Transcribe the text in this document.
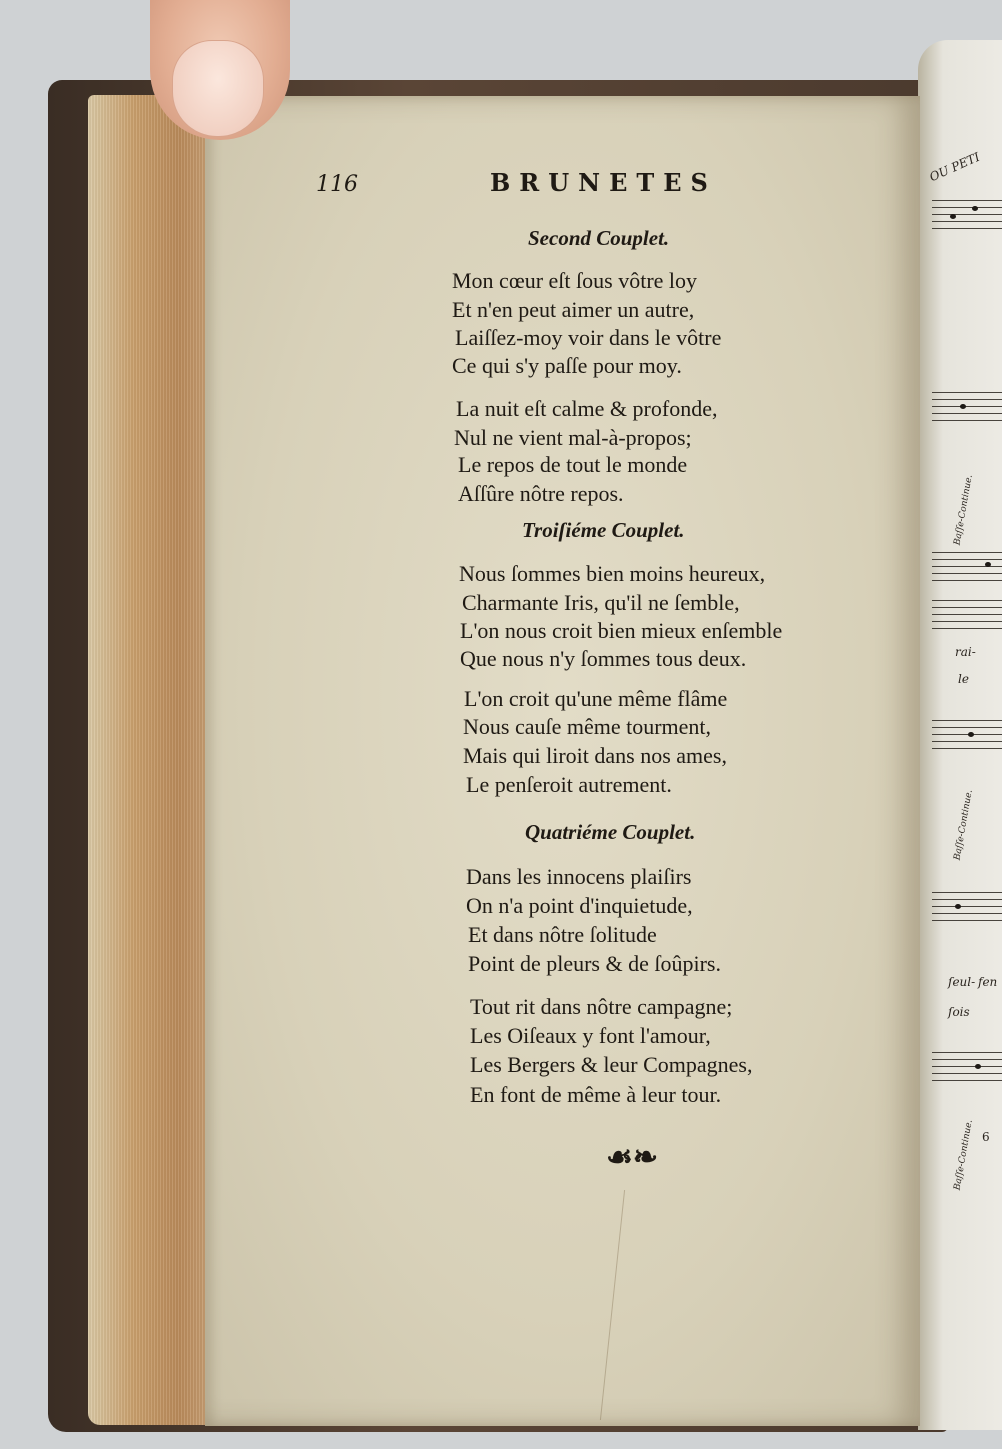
OU PETI
Baſſe-Continue.
rai-
le
Baſſe-Continue.
ſeul- fen
ſois
6
Baſſe-Continue.
116	BRUNETES
Second Couplet.
Mon cœur eſt ſous vôtre loy
Et n'en peut aimer un autre,
Laiſſez-moy voir dans le vôtre
Ce qui s'y paſſe pour moy.
La nuit eſt calme & profonde,
Nul ne vient mal-à-propos;
Le repos de tout le monde
Aſſûre nôtre repos.
Troiſiéme Couplet.
Nous ſommes bien moins heureux,
Charmante Iris, qu'il ne ſemble,
L'on nous croit bien mieux enſemble
Que nous n'y ſommes tous deux.
L'on croit qu'une même flâme
Nous cauſe même tourment,
Mais qui liroit dans nos ames,
Le penſeroit autrement.
Quatriéme Couplet.
Dans les innocens plaiſirs
On n'a point d'inquietude,
Et dans nôtre ſolitude
Point de pleurs & de ſoûpirs.
Tout rit dans nôtre campagne;
Les Oiſeaux y font l'amour,
Les Bergers & leur Compagnes,
En font de même à leur tour.
☙❧
